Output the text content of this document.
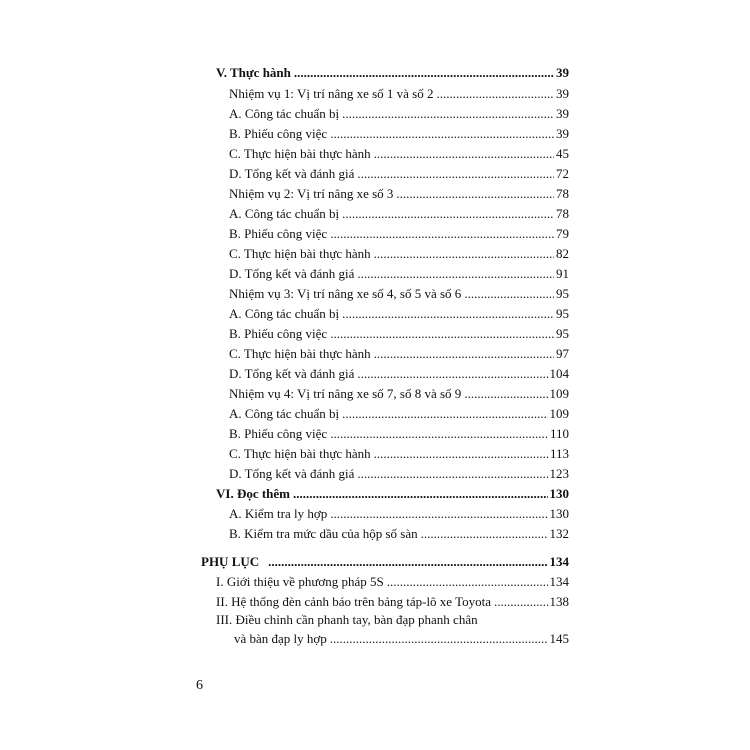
V. Thực hành .....	39
Nhiệm vụ 1: Vị trí nâng xe số 1 và số 2 .....	39
A. Công tác chuẩn bị .....	39
B. Phiếu công việc .....	39
C. Thực hiện bài thực hành .....	45
D. Tổng kết và đánh giá .....	72
Nhiệm vụ 2: Vị trí nâng xe số 3 .....	78
A. Công tác chuẩn bị .....	78
B. Phiếu công việc .....	79
C. Thực hiện bài thực hành .....	82
D. Tổng kết và đánh giá .....	91
Nhiệm vụ 3: Vị trí nâng xe số 4, số 5 và số 6 .....	95
A. Công tác chuẩn bị .....	95
B. Phiếu công việc .....	95
C. Thực hiện bài thực hành .....	97
D. Tổng kết và đánh giá .....	104
Nhiệm vụ 4: Vị trí nâng xe số 7, số 8 và số 9 .....	109
A. Công tác chuẩn bị .....	109
B. Phiếu công việc .....	110
C. Thực hiện bài thực hành .....	113
D. Tổng kết và đánh giá .....	123
VI. Đọc thêm .....	130
A. Kiểm tra ly hợp .....	130
B. Kiểm tra mức dầu của hộp số sàn .....	132
PHỤ LỤC .....	134
I. Giới thiệu về phương pháp 5S .....	134
II. Hệ thống đèn cảnh báo trên bảng táp-lô xe Toyota .....	138
III. Điều chỉnh cần phanh tay, bàn đạp phanh chân
và bàn đạp ly hợp .....	145
6
